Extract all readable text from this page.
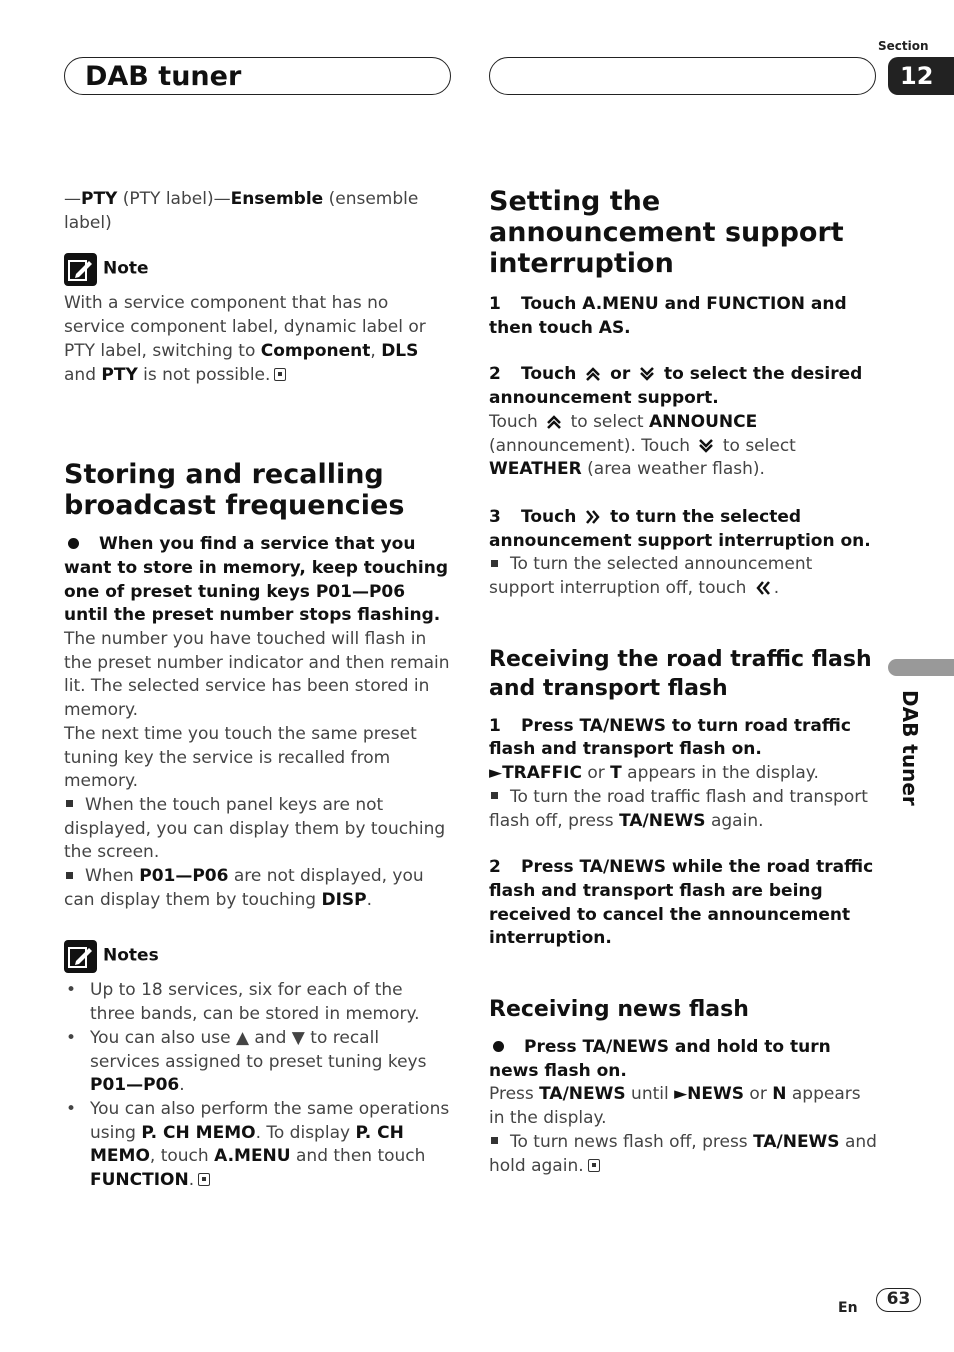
DAB tuner
Section
12
DAB tuner

—PTY (PTY label)—Ensemble (ensemble label)

Note

With a service component that has no service component label, dynamic label or PTY label, switching to Component, DLS and PTY is not possible.

Storing and recalling broadcast frequencies

When you find a service that you want to store in memory, keep touching one of preset tuning keys P01—P06 until the preset number stops flashing.

The number you have touched will flash in the preset number indicator and then remain lit. The selected service has been stored in memory.

The next time you touch the same preset tuning key the service is recalled from memory.

When the touch panel keys are not displayed, you can display them by touching the screen.

When P01—P06 are not displayed, you can display them by touching DISP.

Notes

• Up to 18 services, six for each of the three bands, can be stored in memory.

• You can also use ▲ and ▼ to recall services assigned to preset tuning keys P01—P06.

• You can also perform the same operations using P. CH MEMO. To display P. CH MEMO, touch A.MENU and then touch FUNCTION.

Setting the announcement support interruption

1 Touch A.MENU and FUNCTION and then touch AS.

2 Touch  or  to select the desired announcement support.

Touch  to select ANNOUNCE (announcement). Touch  to select WEATHER (area weather flash).

3 Touch  to turn the selected announcement support interruption on.

To turn the selected announcement support interruption off, touch .

Receiving the road traffic flash and transport flash

1 Press TA/NEWS to turn road traffic flash and transport flash on.

►TRAFFIC or T appears in the display.

To turn the road traffic flash and transport flash off, press TA/NEWS again.

2 Press TA/NEWS while the road traffic flash and transport flash are being received to cancel the announcement interruption.

Receiving news flash

Press TA/NEWS and hold to turn news flash on.

Press TA/NEWS until ►NEWS or N appears in the display.

To turn news flash off, press TA/NEWS and hold again.

En	63
